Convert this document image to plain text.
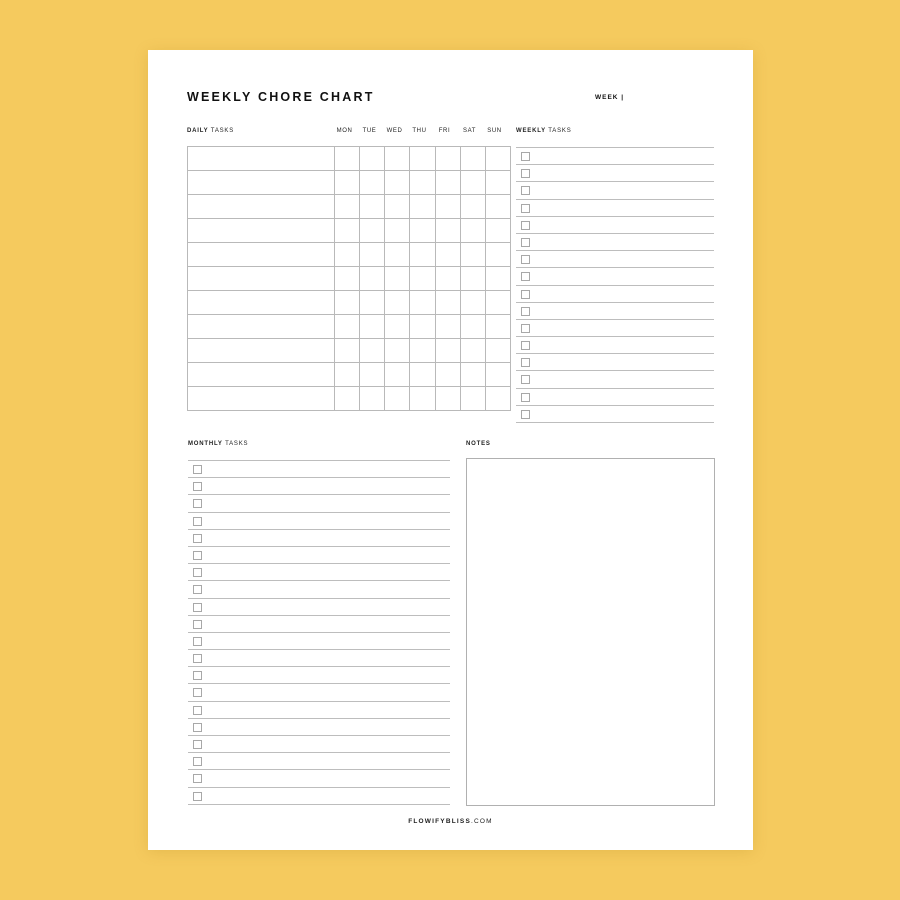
WEEKLY CHORE CHART	WEEK |
DAILY TASKS	MON	TUE	WED	THU	FRI	SAT	SUN

								WEEKLY TASKS
MONTHLY TASKS	NOTES
FLOWIFYBLISS.COM
